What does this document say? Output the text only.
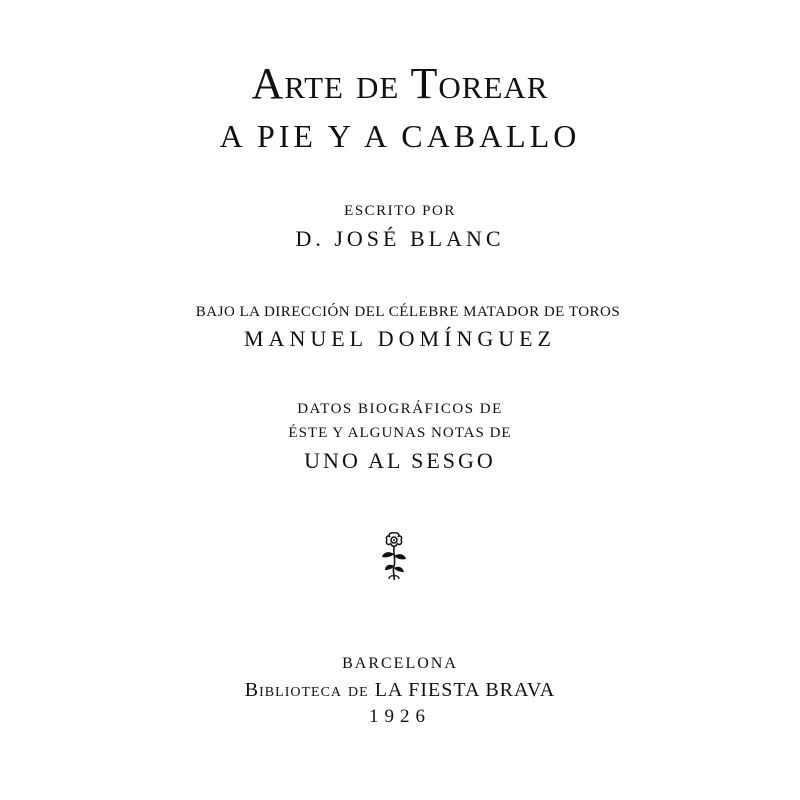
Arte de Torear
A PIE Y A CABALLO
ESCRITO POR
D. JOSÉ BLANC
BAJO LA DIRECCIÓN DEL CÉLEBRE MATADOR DE TOROS
MANUEL DOMÍNGUEZ
DATOS BIOGRÁFICOS DE
ÉSTE Y ALGUNAS NOTAS DE
UNO AL SESGO
BARCELONA
Biblioteca de LA FIESTA BRAVA
1926
